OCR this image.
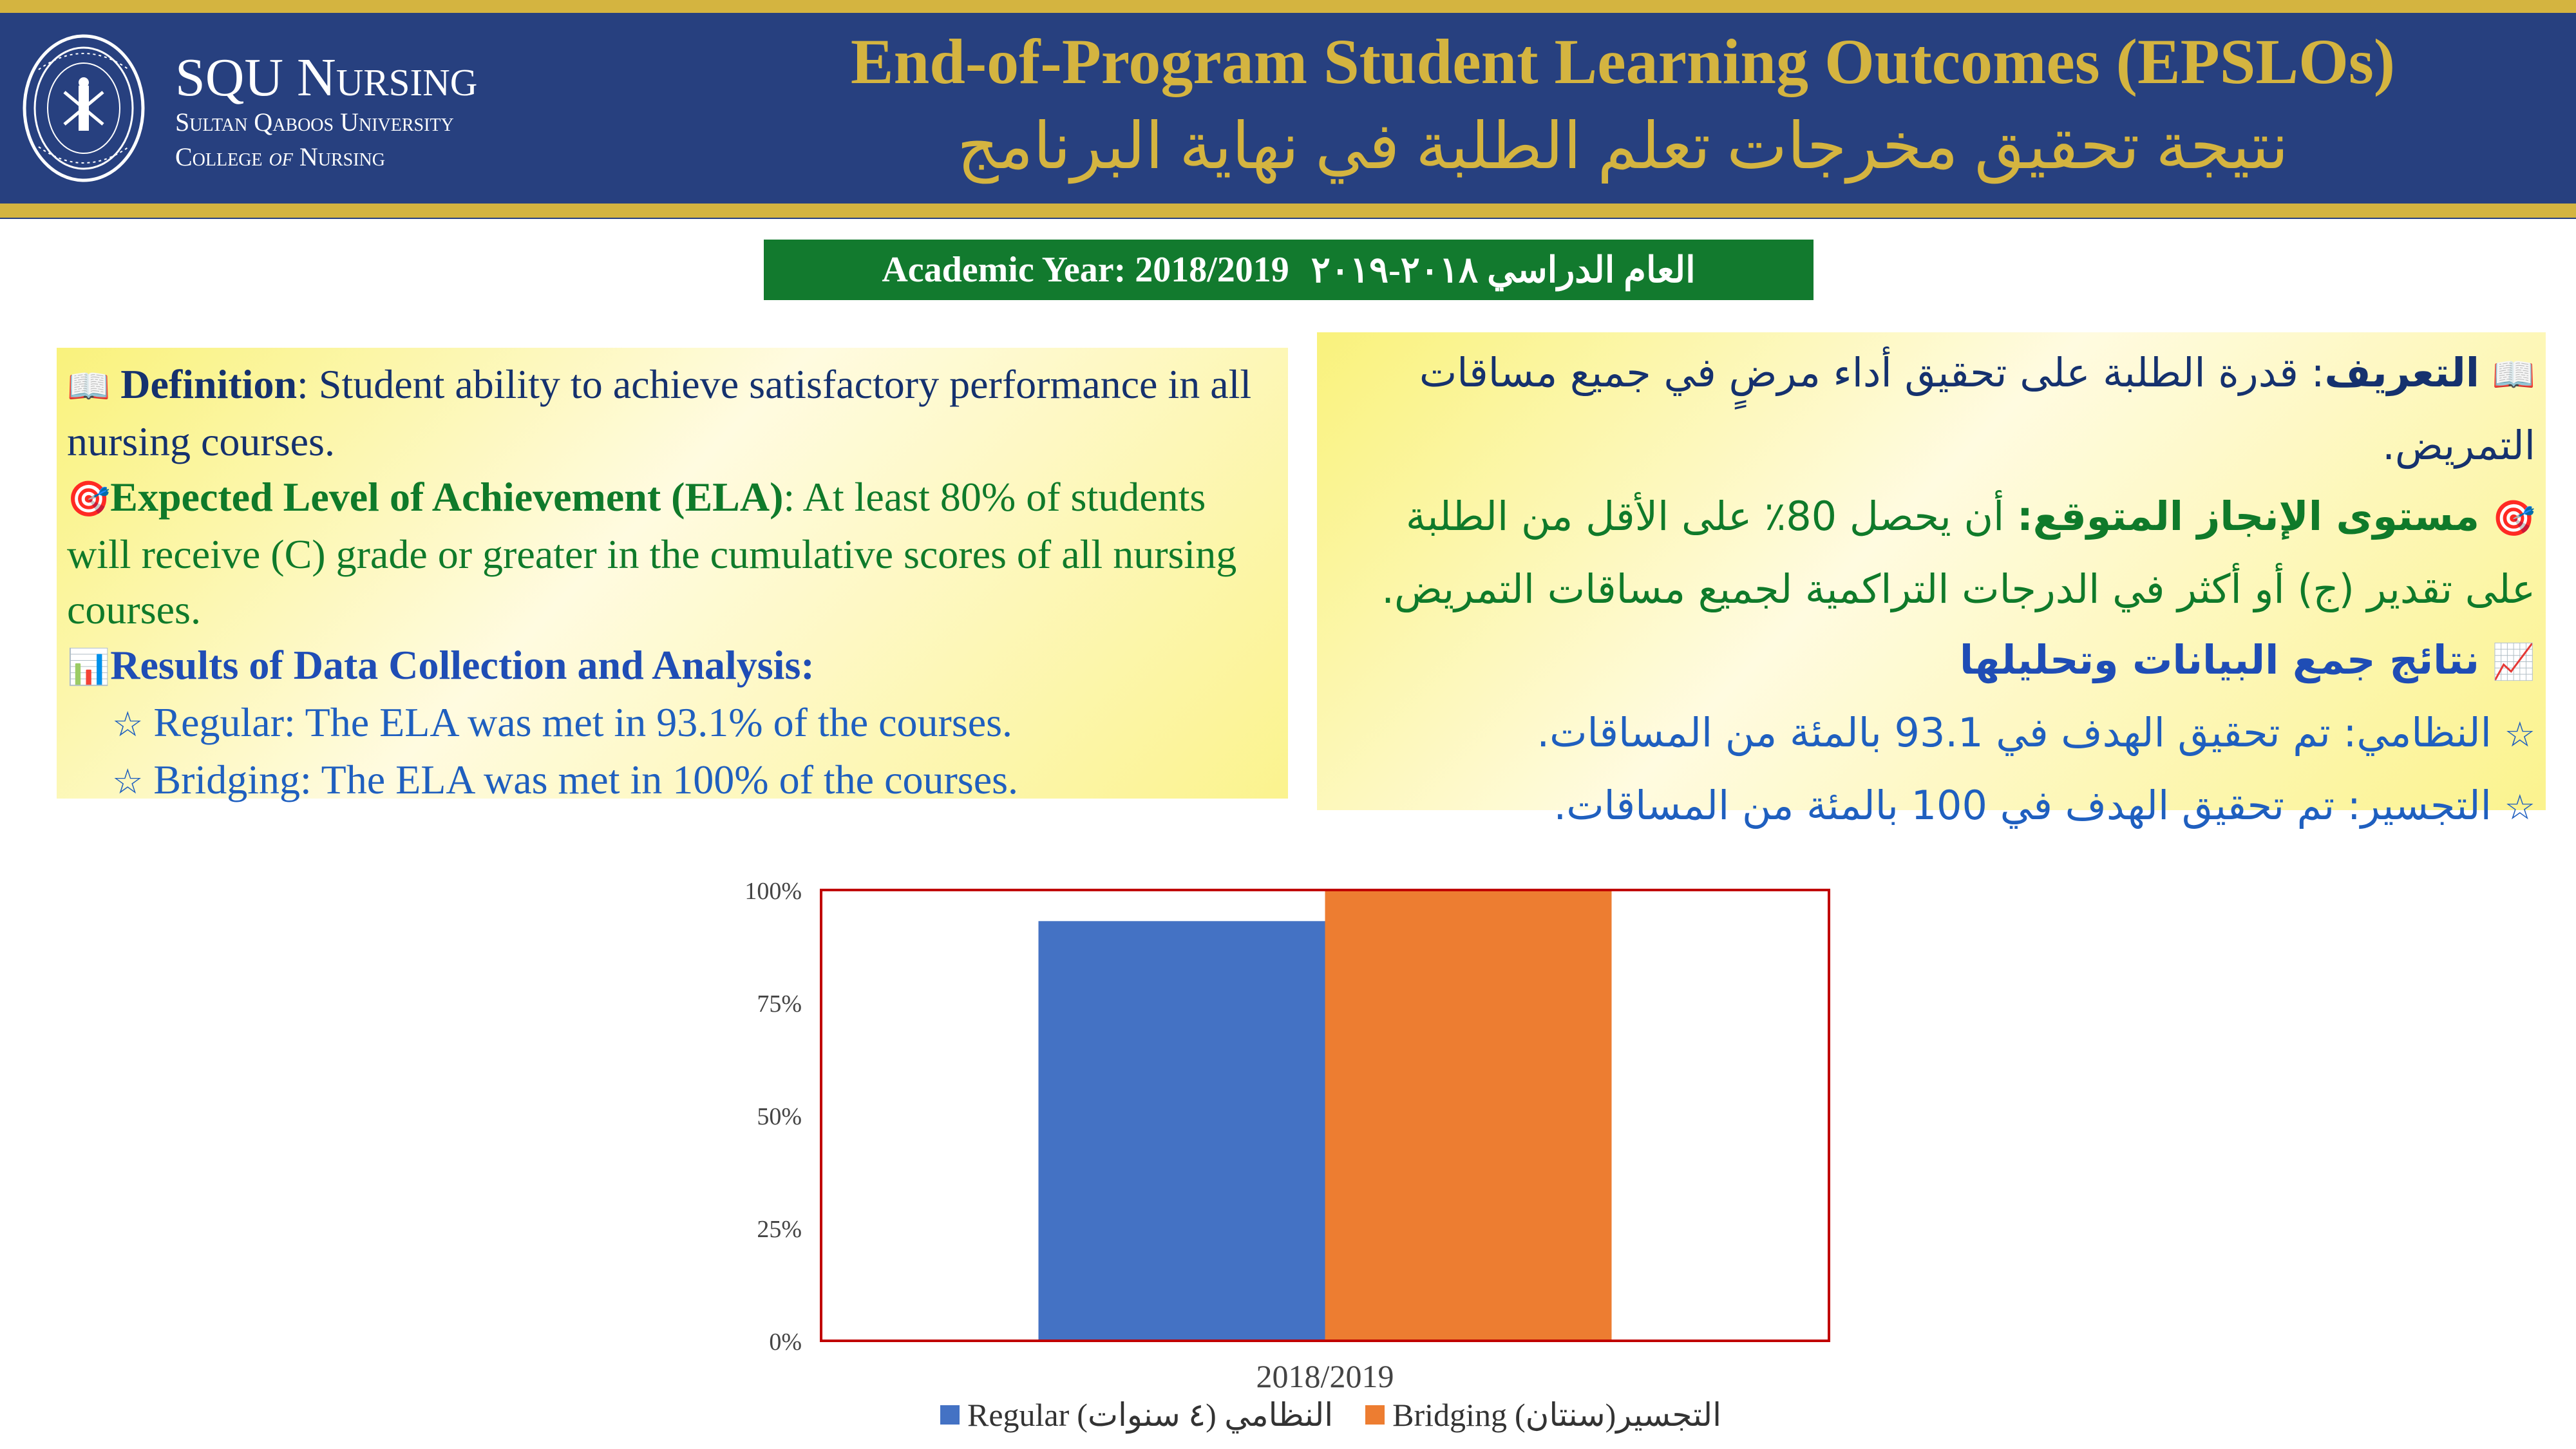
SQU Nursing
Sultan Qaboos University
College of Nursing
End-of-Program Student Learning Outcomes (EPSLOs)
نتيجة تحقيق مخرجات تعلم الطلبة في نهاية البرنامج
Academic Year: 2018/2019 العام الدراسي ٢٠١٨-٢٠١٩
📖 Definition: Student ability to achieve satisfactory performance in all nursing courses.
🎯Expected Level of Achievement (ELA): At least 80% of students will receive (C) grade or greater in the cumulative scores of all nursing courses.
📊Results of Data Collection and Analysis:
☆ Regular: The ELA was met in 93.1% of the courses.
☆ Bridging: The ELA was met in 100% of the courses.
📖 التعريف: قدرة الطلبة على تحقيق أداء مرضٍ في جميع مساقات التمريض.
🎯 مستوى الإنجاز المتوقع: أن يحصل 80٪ على الأقل من الطلبة على تقدير (ج) أو أكثر في الدرجات التراكمية لجميع مساقات التمريض.
📈 نتائج جمع البيانات وتحليلها
☆ النظامي: تم تحقيق الهدف في 93.1 بالمئة من المساقات.
☆ التجسير: تم تحقيق الهدف في 100 بالمئة من المساقات.
0%
25%
50%
75%
100%
2018/2019
Regular (النظامي (٤ سنوات Bridging التجسير(سنتان)
